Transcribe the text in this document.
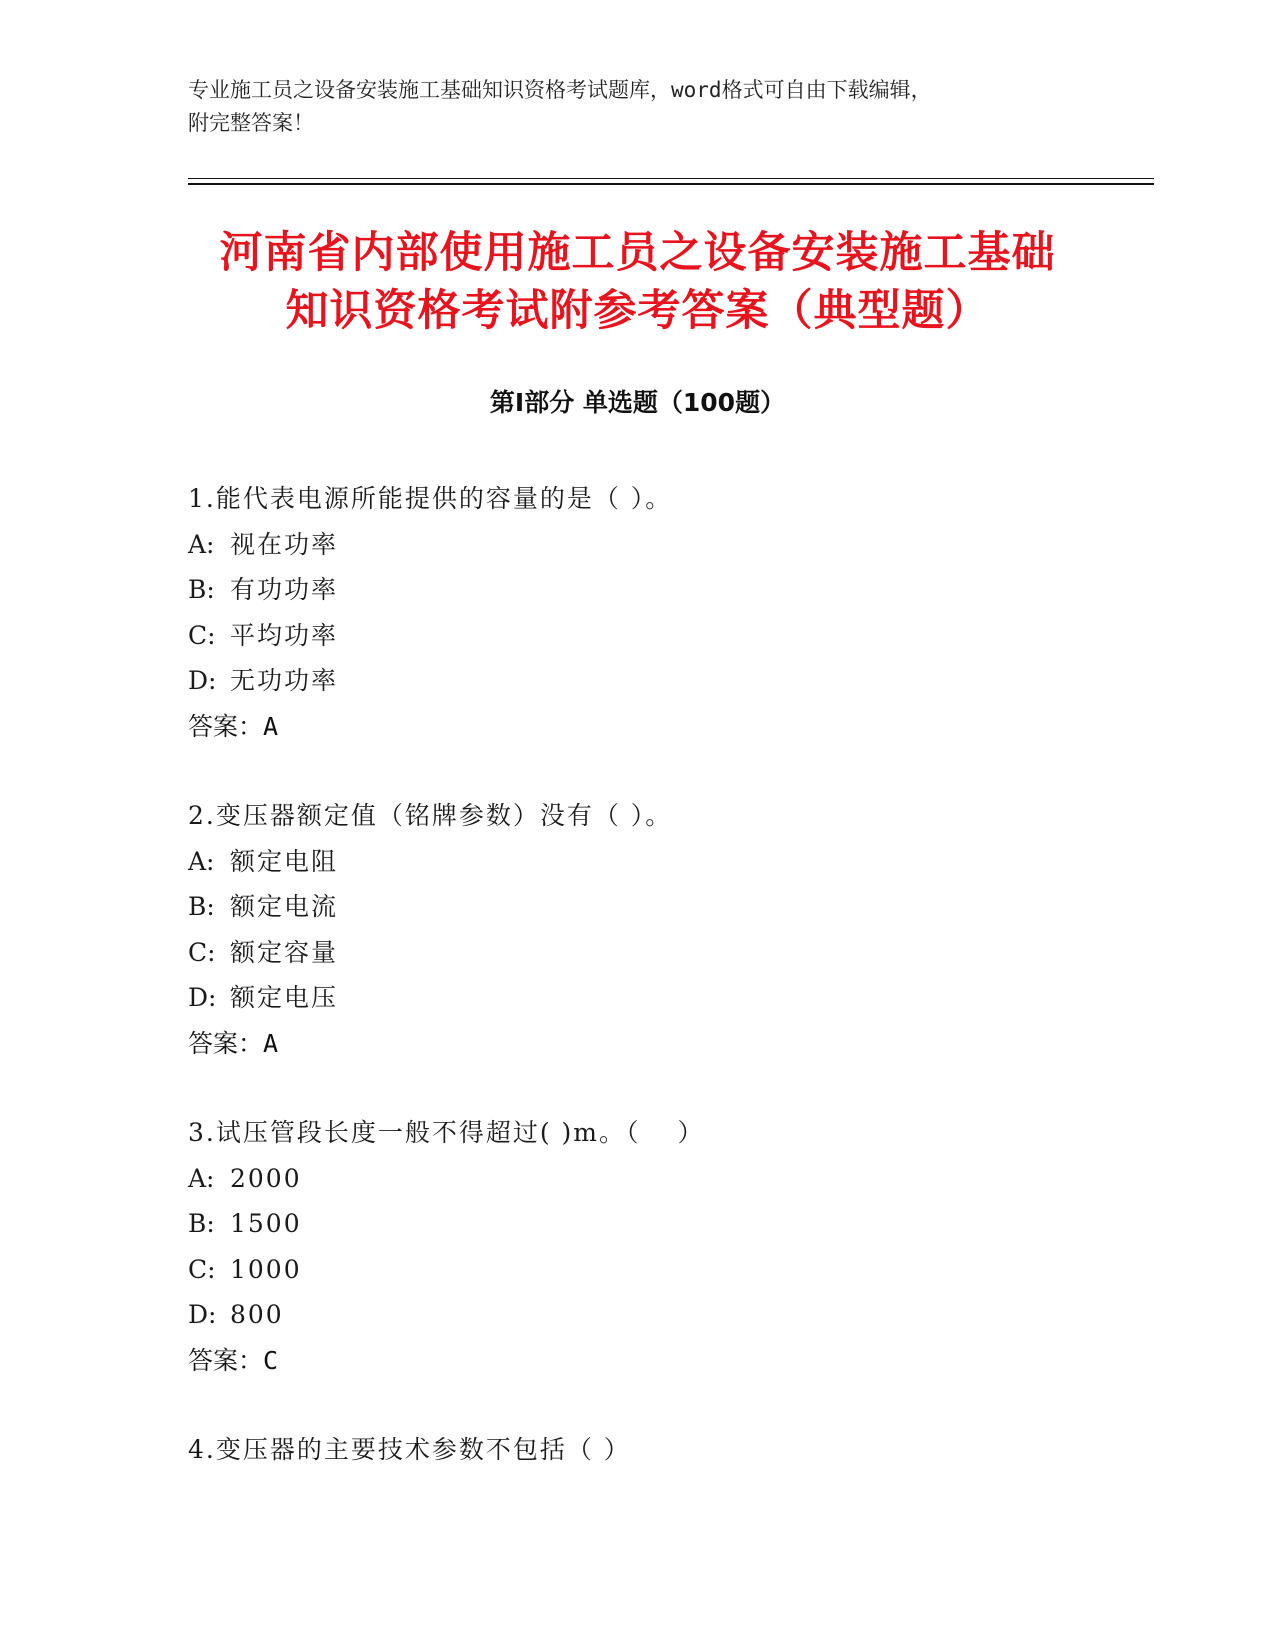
专业施工员之设备安装施工基础知识资格考试题库，word格式可自由下载编辑，
附完整答案！
河南省内部使用施工员之设备安装施工基础
知识资格考试附参考答案（典型题）
第Ⅰ部分 单选题（100题）

1.能代表电源所能提供的容量的是（ ）。

A: 视在功率

B: 有功功率

C: 平均功率

D: 无功功率

答案：A

2.变压器额定值（铭牌参数）没有（ ）。

A: 额定电阻

B: 额定电流

C: 额定容量

D: 额定电压

答案：A

3.试压管段长度一般不得超过( )m。（　 ）

A: 2000

B: 1500

C: 1000

D: 800

答案：C

4.变压器的主要技术参数不包括（ ）
